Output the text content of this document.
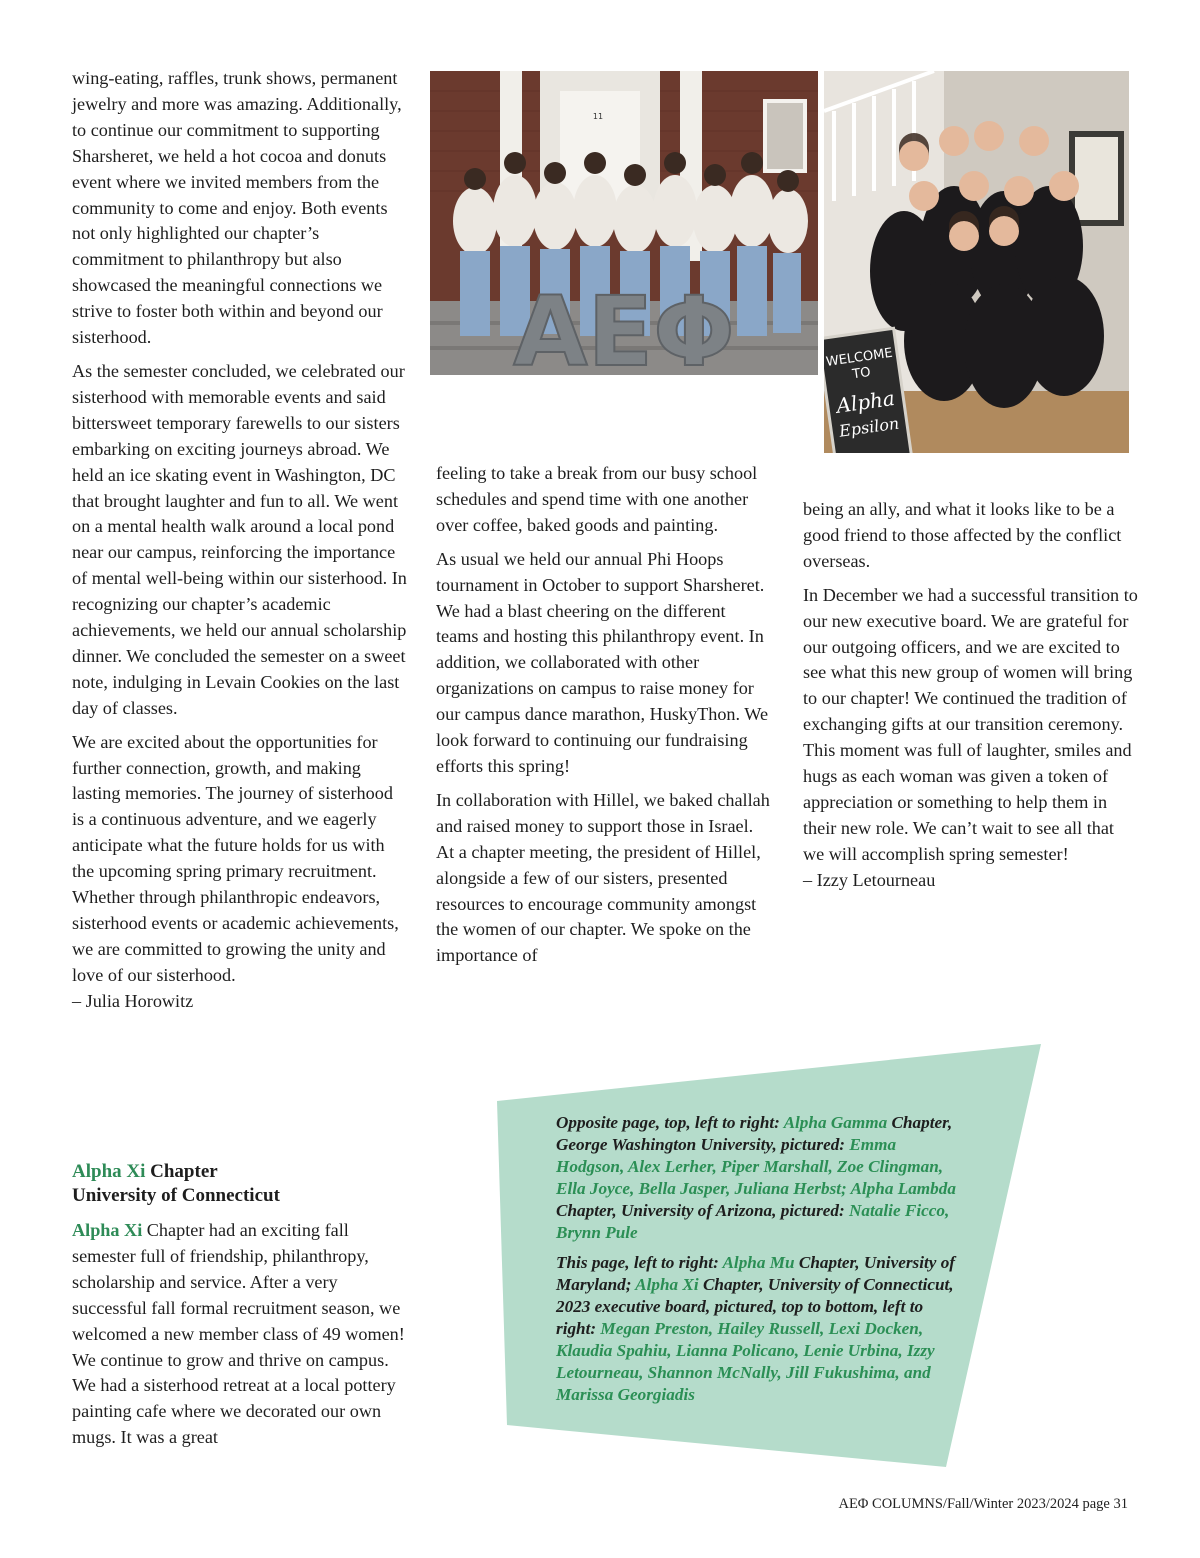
wing-eating, raffles, trunk shows, permanent jewelry and more was amazing. Additionally, to continue our commitment to supporting Sharsheret, we held a hot cocoa and donuts event where we invited members from the community to come and enjoy. Both events not only highlighted our chapter’s commitment to philanthropy but also showcased the meaningful connections we strive to foster both within and beyond our sisterhood.

As the semester concluded, we celebrated our sisterhood with memorable events and said bittersweet temporary farewells to our sisters embarking on exciting journeys abroad. We held an ice skating event in Washington, DC that brought laughter and fun to all. We went on a mental health walk around a local pond near our campus, reinforcing the importance of mental well-being within our sisterhood. In recognizing our chapter’s academic achievements, we held our annual scholarship dinner. We concluded the semester on a sweet note, indulging in Levain Cookies on the last day of classes.

We are excited about the opportunities for further connection, growth, and making lasting memories. The journey of sisterhood is a continuous adventure, and we eagerly anticipate what the future holds for us with the upcoming spring primary recruitment. Whether through philanthropic endeavors, sisterhood events or academic achievements, we are committed to growing the unity and love of our sisterhood.
– Julia Horowitz

Alpha Xi Chapter
University of Connecticut

Alpha Xi Chapter had an exciting fall semester full of friendship, philanthropy, scholarship and service. After a very successful fall formal recruitment season, we welcomed a new member class of 49 women! We continue to grow and thrive on campus. We had a sisterhood retreat at a local pottery painting cafe where we decorated our own mugs. It was a great

feeling to take a break from our busy school schedules and spend time with one another over coffee, baked goods and painting.

As usual we held our annual Phi Hoops tournament in October to support Sharsheret. We had a blast cheering on the different teams and hosting this philanthropy event. In addition, we collaborated with other organizations on campus to raise money for our campus dance marathon, HuskyThon. We look forward to continuing our fundraising efforts this spring!

In collaboration with Hillel, we baked challah and raised money to support those in Israel. At a chapter meeting, the president of Hillel, alongside a few of our sisters, presented resources to encourage community amongst the women of our chapter. We spoke on the importance of

being an ally, and what it looks like to be a good friend to those affected by the conflict overseas.

In December we had a successful transition to our new executive board. We are grateful for our outgoing officers, and we are excited to see what this new group of women will bring to our chapter! We continued the tradition of exchanging gifts at our transition ceremony. This moment was full of laughter, smiles and hugs as each woman was given a token of appreciation or something to help them in their new role. We can’t wait to see all that we will accomplish spring semester!
– Izzy Letourneau

11
ΑΕΦ	WELCOME
TO
Alpha
Epsilon

Opposite page, top, left to right: Alpha Gamma Chapter, George Washington University, pictured: Emma Hodgson, Alex Lerher, Piper Marshall, Zoe Clingman, Ella Joyce, Bella Jasper, Juliana Herbst; Alpha Lambda Chapter, University of Arizona, pictured: Natalie Ficco, Brynn Pule

This page, left to right: Alpha Mu Chapter, University of Maryland; Alpha Xi Chapter, University of Connecticut, 2023 executive board, pictured, top to bottom, left to right: Megan Preston, Hailey Russell, Lexi Docken, Klaudia Spahiu, Lianna Policano, Lenie Urbina, Izzy Letourneau, Shannon McNally, Jill Fukushima, and Marissa Georgiadis

ΑΕΦ COLUMNS/Fall/Winter 2023/2024 page 31
